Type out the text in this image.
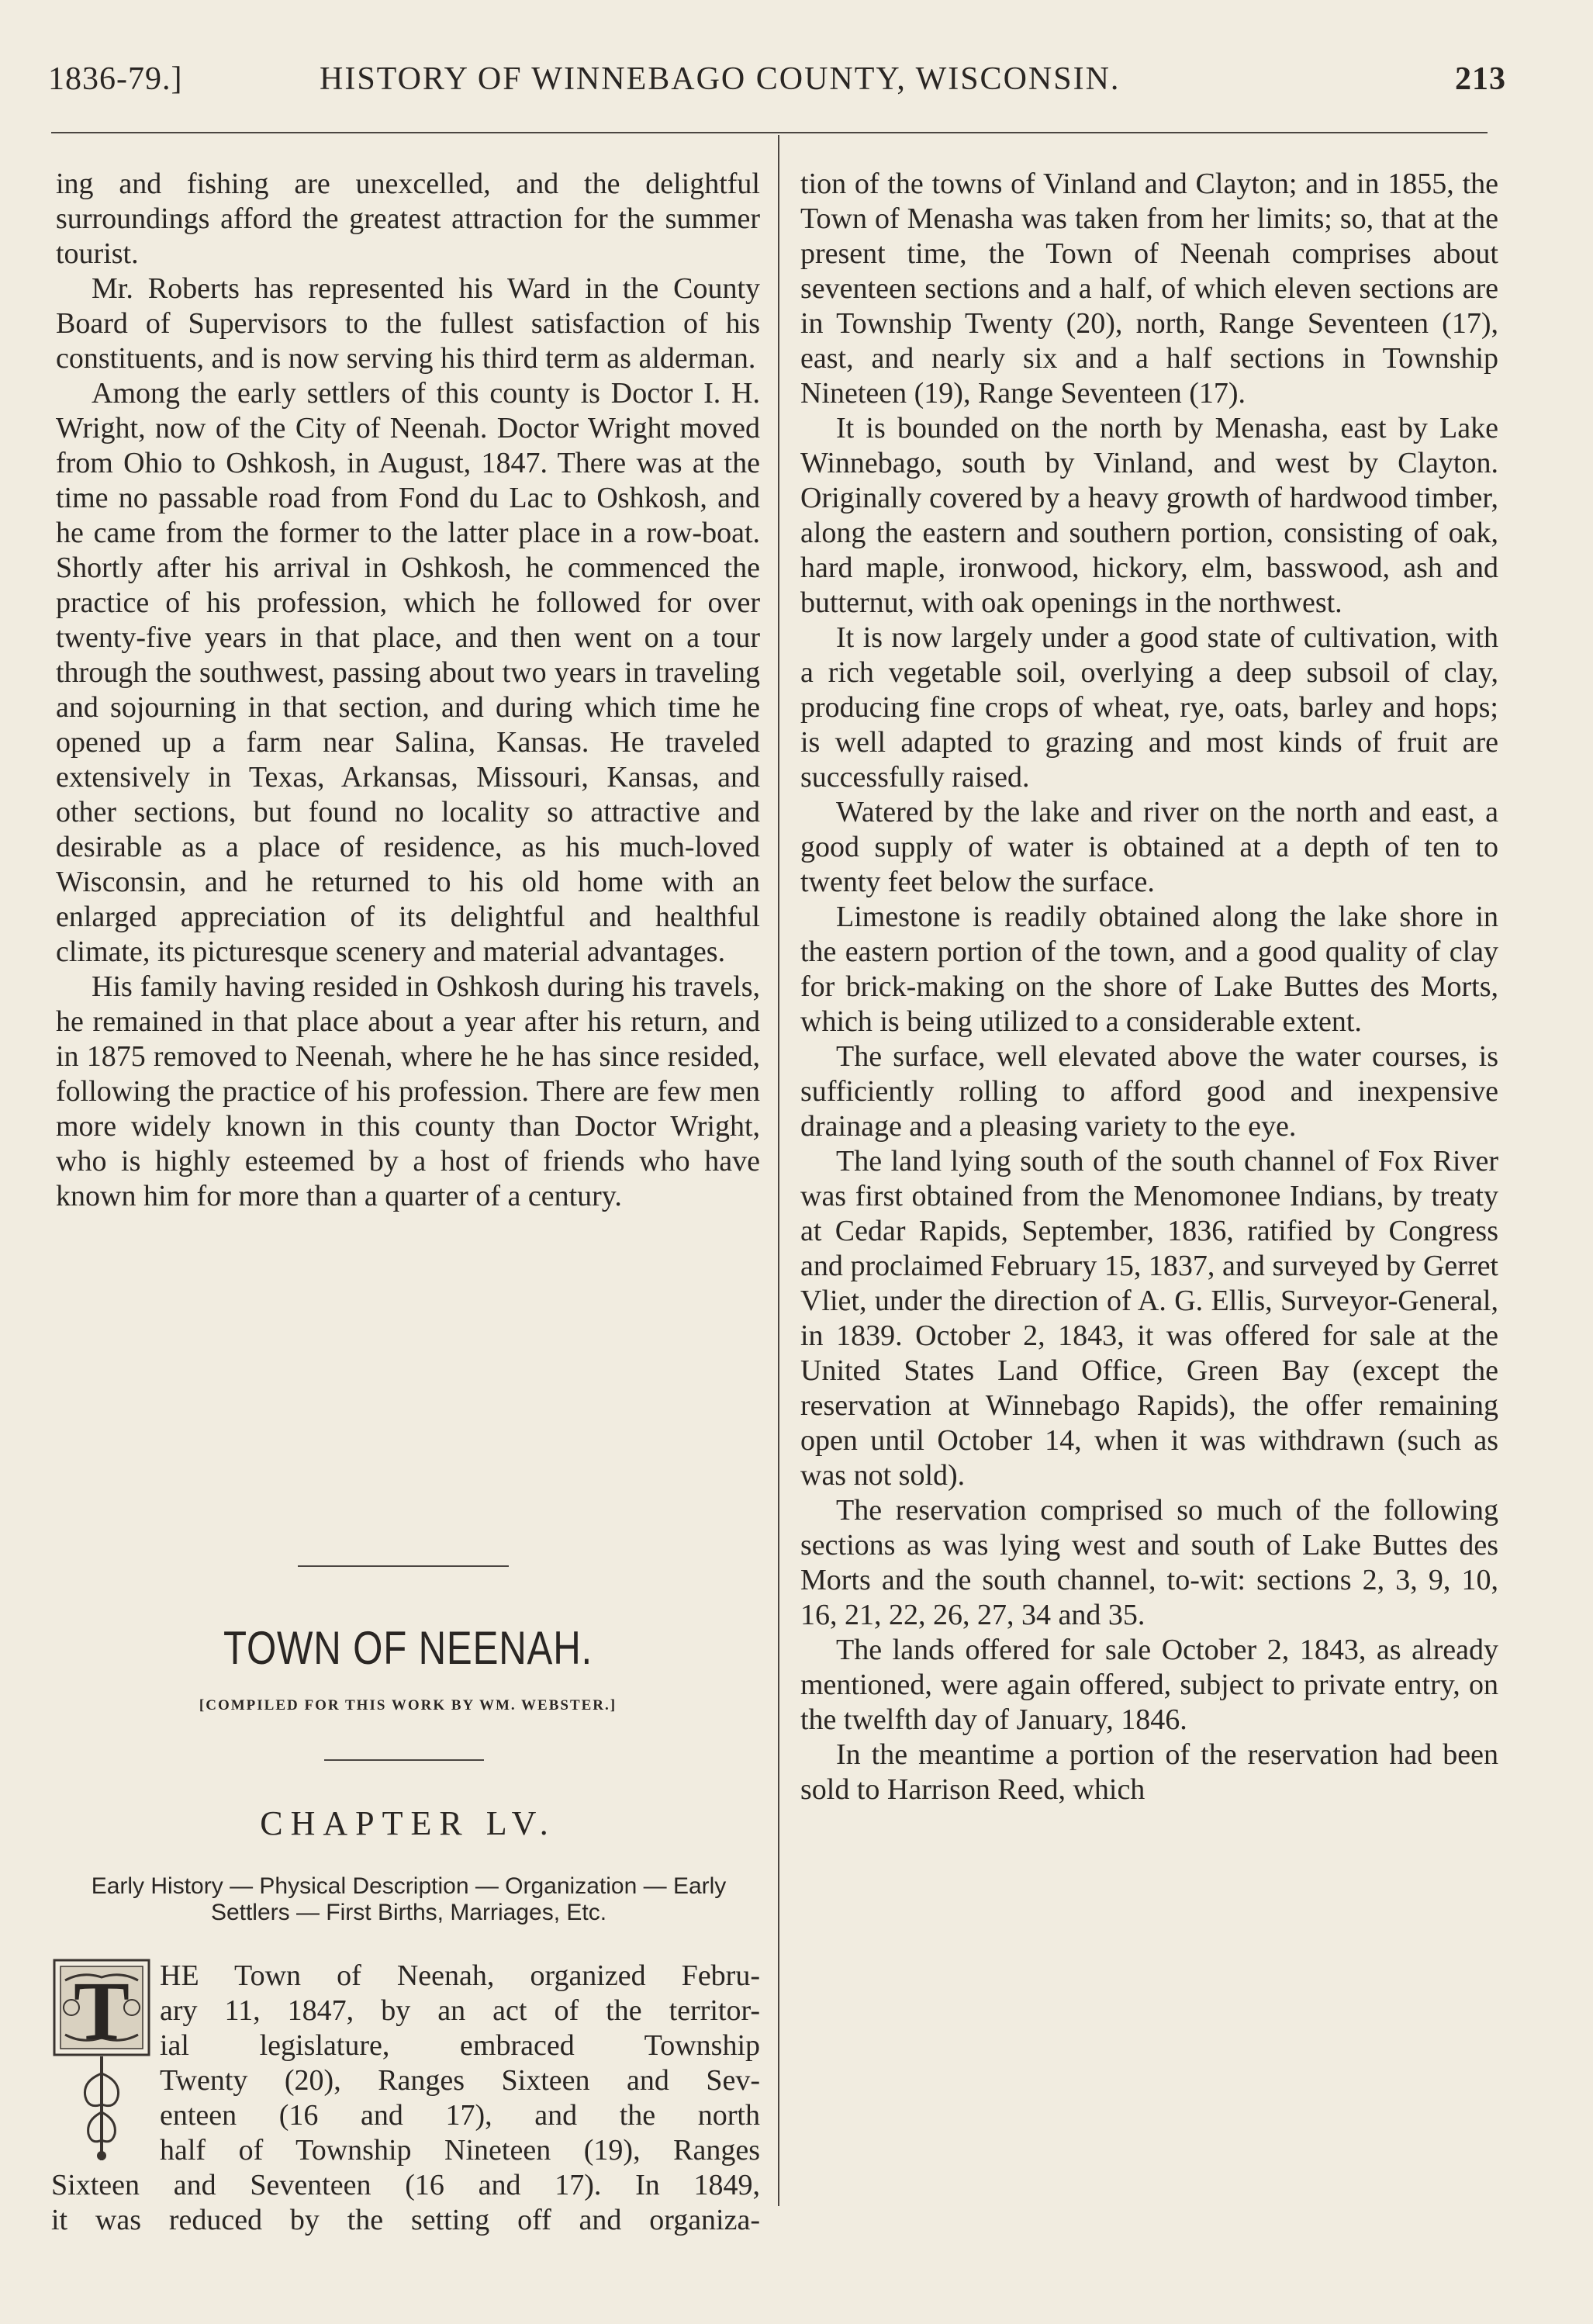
1836-79.]	HISTORY OF WINNEBAGO COUNTY, WISCONSIN.	213

ing and fishing are unexcelled, and the delightful surroundings afford the greatest attraction for the summer tourist.

Mr. Roberts has represented his Ward in the County Board of Supervisors to the fullest satisfaction of his constituents, and is now serving his third term as alderman.

Among the early settlers of this county is Doctor I. H. Wright, now of the City of Neenah. Doctor Wright moved from Ohio to Oshkosh, in August, 1847. There was at the time no passable road from Fond du Lac to Oshkosh, and he came from the former to the latter place in a row-boat. Shortly after his arrival in Oshkosh, he commenced the practice of his profession, which he followed for over twenty-five years in that place, and then went on a tour through the southwest, passing about two years in traveling and sojourning in that section, and during which time he opened up a farm near Salina, Kansas. He traveled extensively in Texas, Arkansas, Missouri, Kansas, and other sections, but found no locality so attractive and desirable as a place of residence, as his much-loved Wisconsin, and he returned to his old home with an enlarged appreciation of its delightful and healthful climate, its picturesque scenery and material advantages.

His family having resided in Oshkosh during his travels, he remained in that place about a year after his return, and in 1875 removed to Neenah, where he he has since resided, following the practice of his profession. There are few men more widely known in this county than Doctor Wright, who is highly esteemed by a host of friends who have known him for more than a quarter of a century.

TOWN OF NEENAH.
[COMPILED FOR THIS WORK BY WM. WEBSTER.]
CHAPTER LV.
Early History — Physical Description — Organization — Early
Settlers — First Births, Marriages, Etc.
T HE Town of Neenah, organized Febru-
ary 11, 1847, by an act of the territor-
ial legislature, embraced Township
Twenty (20), Ranges Sixteen and Sev-
enteen (16 and 17), and the north
half of Township Nineteen (19), Ranges
Sixteen and Seventeen (16 and 17). In 1849,
it was reduced by the setting off and organiza-

tion of the towns of Vinland and Clayton; and in 1855, the Town of Menasha was taken from her limits; so, that at the present time, the Town of Neenah comprises about seventeen sections and a half, of which eleven sections are in Township Twenty (20), north, Range Seventeen (17), east, and nearly six and a half sections in Township Nineteen (19), Range Seventeen (17).

It is bounded on the north by Menasha, east by Lake Winnebago, south by Vinland, and west by Clayton. Originally covered by a heavy growth of hardwood timber, along the eastern and southern portion, consisting of oak, hard maple, ironwood, hickory, elm, basswood, ash and butternut, with oak openings in the northwest.

It is now largely under a good state of cultivation, with a rich vegetable soil, overlying a deep subsoil of clay, producing fine crops of wheat, rye, oats, barley and hops; is well adapted to grazing and most kinds of fruit are successfully raised.

Watered by the lake and river on the north and east, a good supply of water is obtained at a depth of ten to twenty feet below the surface.

Limestone is readily obtained along the lake shore in the eastern portion of the town, and a good quality of clay for brick-making on the shore of Lake Buttes des Morts, which is being utilized to a considerable extent.

The surface, well elevated above the water courses, is sufficiently rolling to afford good and inexpensive drainage and a pleasing variety to the eye.

The land lying south of the south channel of Fox River was first obtained from the Menomonee Indians, by treaty at Cedar Rapids, September, 1836, ratified by Congress and proclaimed February 15, 1837, and surveyed by Gerret Vliet, under the direction of A. G. Ellis, Surveyor-General, in 1839. October 2, 1843, it was offered for sale at the United States Land Office, Green Bay (except the reservation at Winnebago Rapids), the offer remaining open until October 14, when it was withdrawn (such as was not sold).

The reservation comprised so much of the following sections as was lying west and south of Lake Buttes des Morts and the south channel, to-wit: sections 2, 3, 9, 10, 16, 21, 22, 26, 27, 34 and 35.

The lands offered for sale October 2, 1843, as already mentioned, were again offered, subject to private entry, on the twelfth day of January, 1846.

In the meantime a portion of the reservation had been sold to Harrison Reed, which
